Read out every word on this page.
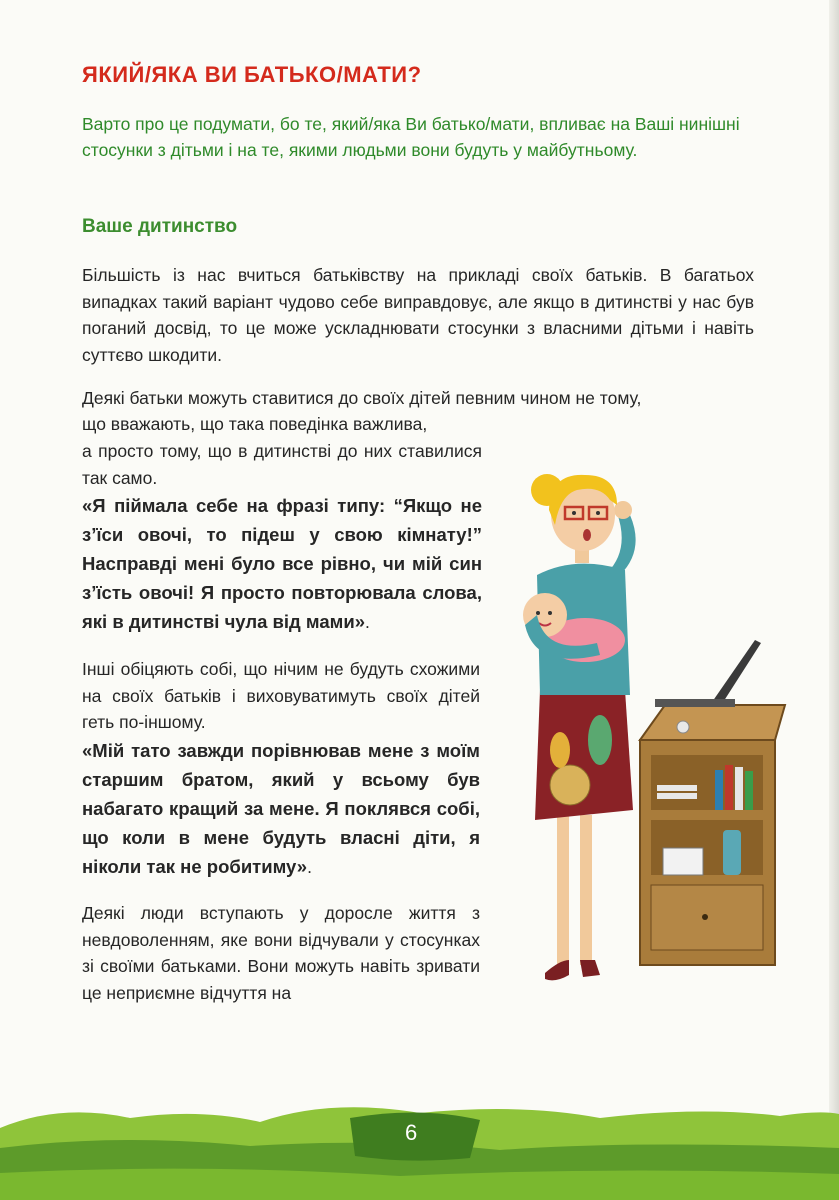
ЯКИЙ/ЯКА ВИ БАТЬКО/МАТИ?
Варто про це подумати, бо те, який/яка Ви батько/мати, впливає на Ваші нинішні стосунки з дітьми і на те, якими людьми вони будуть у майбутньому.
Ваше дитинство
Більшість із нас вчиться батьківству на прикладі своїх батьків. В багатьох випадках такий варіант чудово себе виправдовує, але якщо в дитинстві у нас був поганий досвід, то це може ускладнювати стосунки з власними дітьми і навіть суттєво шкодити.
Деякі батьки можуть ставитися до своїх дітей певним чином не тому,
що вважають, що така поведінка важлива,
а просто тому, що в дитинстві до них ставилися так само.
«Я піймала себе на фразі типу: “Якщо не з’їси овочі, то підеш у свою кімнату!” Насправді мені було все рівно, чи мій син з’їсть овочі! Я просто повторювала слова, які в дитинстві чула від мами».
Інші обіцяють собі, що нічим не будуть схожими на своїх батьків і виховуватимуть своїх дітей геть по-іншому.
«Мій тато завжди порівнював мене з моїм старшим братом, який у всьому був набагато кращий за мене. Я поклявся собі, що коли в мене будуть власні діти, я ніколи так не робитиму».
Деякі люди вступають у доросле життя з невдоволенням, яке вони відчували у стосунках зі своїми батьками. Вони можуть навіть зривати це неприємне відчуття на
6
